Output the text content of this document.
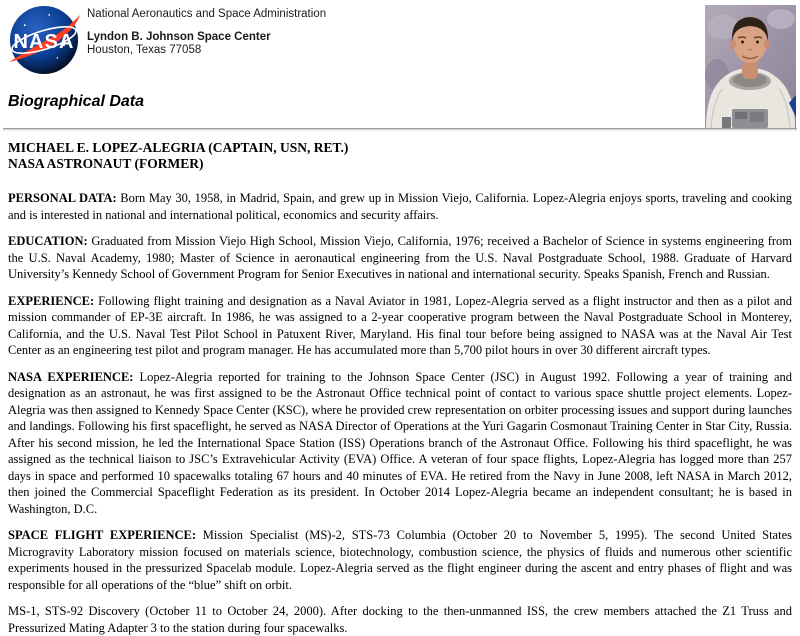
NASA
National Aeronautics and Space Administration
Lyndon B. Johnson Space Center
Houston, Texas 77058
Biographical Data
MICHAEL E. LOPEZ-ALEGRIA (CAPTAIN, USN, RET.)
NASA ASTRONAUT (FORMER)

PERSONAL DATA: Born May 30, 1958, in Madrid, Spain, and grew up in Mission Viejo, California. Lopez-Alegria enjoys sports, traveling and cooking and is interested in national and international political, economics and security affairs.

EDUCATION: Graduated from Mission Viejo High School, Mission Viejo, California, 1976; received a Bachelor of Science in systems engineering from the U.S. Naval Academy, 1980; Master of Science in aeronautical engineering from the U.S. Naval Postgraduate School, 1988. Graduate of Harvard University’s Kennedy School of Government Program for Senior Executives in national and international security. Speaks Spanish, French and Russian.

EXPERIENCE: Following flight training and designation as a Naval Aviator in 1981, Lopez-Alegria served as a flight instructor and then as a pilot and mission commander of EP-3E aircraft. In 1986, he was assigned to a 2-year cooperative program between the Naval Postgraduate School in Monterey, California, and the U.S. Naval Test Pilot School in Patuxent River, Maryland. His final tour before being assigned to NASA was at the Naval Air Test Center as an engineering test pilot and program manager. He has accumulated more than 5,700 pilot hours in over 30 different aircraft types.

NASA EXPERIENCE: Lopez-Alegria reported for training to the Johnson Space Center (JSC) in August 1992. Following a year of training and designation as an astronaut, he was first assigned to be the Astronaut Office technical point of contact to various space shuttle project elements. Lopez-Alegria was then assigned to Kennedy Space Center (KSC), where he provided crew representation on orbiter processing issues and support during launches and landings. Following his first spaceflight, he served as NASA Director of Operations at the Yuri Gagarin Cosmonaut Training Center in Star City, Russia. After his second mission, he led the International Space Station (ISS) Operations branch of the Astronaut Office. Following his third spaceflight, he was assigned as the technical liaison to JSC’s Extravehicular Activity (EVA) Office. A veteran of four space flights, Lopez-Alegria has logged more than 257 days in space and performed 10 spacewalks totaling 67 hours and 40 minutes of EVA. He retired from the Navy in June 2008, left NASA in March 2012, then joined the Commercial Spaceflight Federation as its president. In October 2014 Lopez-Alegria became an independent consultant; he is based in Washington, D.C.

SPACE FLIGHT EXPERIENCE: Mission Specialist (MS)-2, STS-73 Columbia (October 20 to November 5, 1995). The second United States Microgravity Laboratory mission focused on materials science, biotechnology, combustion science, the physics of fluids and numerous other scientific experiments housed in the pressurized Spacelab module. Lopez-Alegria served as the flight engineer during the ascent and entry phases of flight and was responsible for all operations of the “blue” shift on orbit.

MS-1, STS-92 Discovery (October 11 to October 24, 2000). After docking to the then-unmanned ISS, the crew members attached the Z1 Truss and Pressurized Mating Adapter 3 to the station during four spacewalks.
